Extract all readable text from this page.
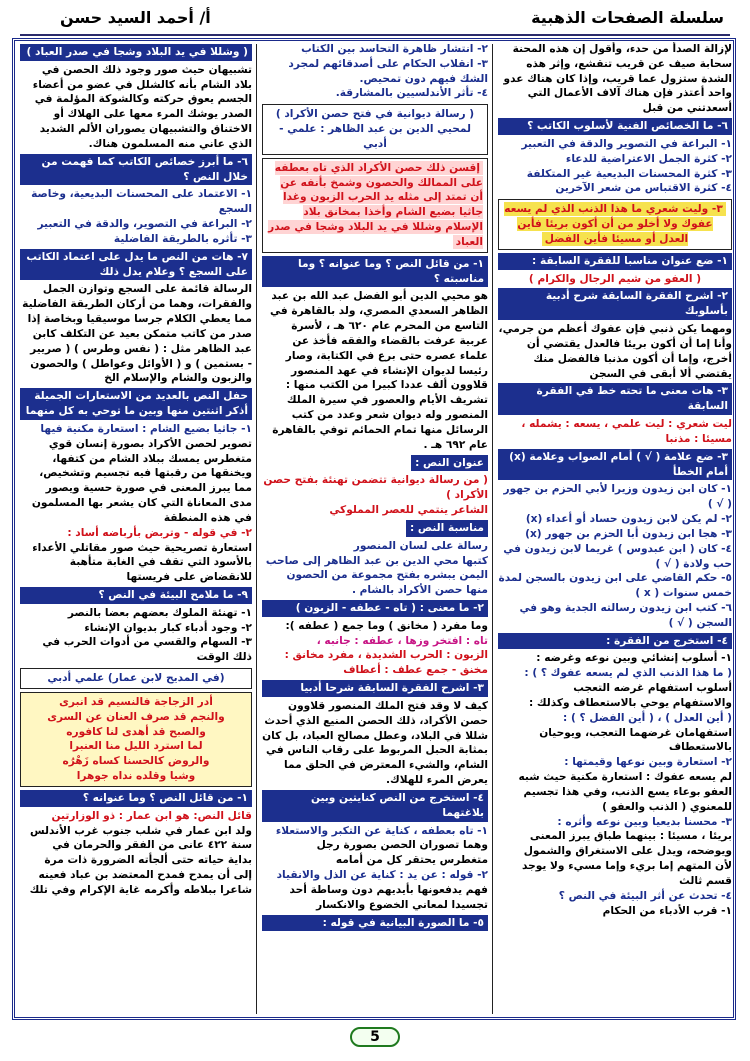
سلسلة الصفحات الذهبية
أ/ أحمد السيد حسن
لإزالة الصدأ من حدء، وأقول إن هذه المحنة
سحابة صيف عن قريب تنقشع، وإثر هذه
الشدة ستزول عما قريب، وإذا كان هناك عدو
واحد أعتذر فإن هناك آلاف الأعمال التي
أسعدتني من قبل
٦- ما الخصائص الفنية لأسلوب الكاتب ؟
١- البراعة في التصوير والدقة في التعبير
٢- كثرة الجمل الاعتراضية للدعاء
٣- كثرة المحسنات البديعية غير المتكلفة
٤- كثرة الاقتباس من شعر الآخرين
٣- وليت شعري ما هذا الذنب الذي لم يسعه عفوك ولا أخلو من أن أكون بريئا فأين العدل أو مسيئا فأين الفضل
١- ضع عنوان مناسبا للفقرة السابقة :
( العفو من شيم الرجال والكرام )
٢- اشرح الفقرة السابقة شرح أدبية بأسلوبك
ومهما يكن ذنبي فإن عفوك أعظم من جرمي،
وأنا إما أن أكون بريئا فالعدل يقتضي أن
أخرج، وإما أن أكون مذنبا فالفضل منك
يقتضي ألا أبقى في السجن
٣- هات معنى ما تحته خط في الفقرة السابقة
ليت شعري : ليت علمي ، يسعه : يشمله ، مسيئا : مذنبا
٣- ضع علامة ( √ ) أمام الصواب وعلامة (x) أمام الخطأ
١- كان ابن زيدون وزيرا لأبي الحزم بن جهور ( √ )
٢- لم يكن لابن زيدون حساد أو أعداء (x)
٣- هجا ابن زيدون أبا الحزم بن جهور (x)
٤- كان ( ابن عبدوس ) غريما لابن زيدون في حب ولادة ( √ )
٥- حكم القاضي على ابن زيدون بالسجن لمدة خمس سنوات ( x )
٦- كتب ابن زيدون رسالته الجدية وهو في السجن ( √ )
٤- استخرج من الفقرة :
١- أسلوب إنشائي وبين نوعه وغرضه :
( ما هذا الذنب الذي لم يسعه عفوك ؟ ) :
أسلوب استفهام غرضه التعجب
والاستفهام يوحي بالاستعطاف وكذلك :
( أين العدل ) ، ( أين الفضل ؟ ) :
استفهامان غرضهما التعجب، ويوحيان بالاستعطاف
٢- استعارة وبين نوعها وقيمتها :
لم يسعه عفوك : استعارة مكنية حيث شبه
العفو بوعاء يسع الذنب، وفي هذا تجسيم
للمعنوي ( الذنب والعفو )
٣- محسنا بديعيا وبين نوعه وأثره :
بريئا ، مسيئا : بينهما طباق يبرز المعنى
ويوضحه، ويدل على الاستغراق والشمول
لأن المتهم إما بريء وإما مسيء ولا يوجد
قسم ثالث
٤- تحدث عن أثر البيئة في النص ؟
١- قرب الأدباء من الحكام
٢- انتشار ظاهرة التحاسد بين الكتاب
٣- انقلاب الحكام على أصدقائهم لمجرد الشك فيهم دون تمحيص.
٤- تأثر الأندلسيين بالمشارقة.
( رسالة ديوانية في فتح حصن الأكراد ) لمحيي الدين بن عبد الظاهر : علمي - أدبي
إقسن ذلك حصن الأكراد الذي تاه بعطفه على الممالك والحصون وشمخ بأنفه عن أن تمتد إلى مثله يد الحرب الزبون وغدا جاثيا بضيع الشام وأخذا بمخانق بلاد الإسلام وشللا في يد البلاد وشجا في صدر العباد
١- من قائل النص ؟ وما عنوانه ؟ وما مناسبته ؟
هو محيي الدين أبو الفضل عبد الله بن عبد
الظاهر السعدي المصري، ولد بالقاهرة في
التاسع من المحرم عام ٦٢٠ هـ ، لأسرة
عربية عرفت بالقضاء والفقه فأخذ عن
علماء عصره حتى برع في الكتابة، وصار
رئيسا لديوان الإنشاء في عهد المنصور
قلاوون ألف عددا كبيرا من الكتب منها :
تشريف الأيام والعصور في سيرة الملك
المنصور وله ديوان شعر وعدد من كتب
الرسائل منها تمام الحمائم توفي بالقاهرة
عام ٦٩٢ هـ .
عنوان النص :
( من رسالة ديوانية تتضمن تهنئة بفتح حصن الأكراد )
الشاعر ينتمي للعصر المملوكي
مناسبة النص :
رسالة على لسان المنصور
كتبها محي الدين بن عبد الظاهر إلى صاحب
اليمن يبشره بفتح مجموعة من الحصون
منها حصن الأكراد بالشام .
٢- ما معنى : ( تاه - عطفه - الزبون )
وما مفرد ( مخانق ) وما جمع ( عطفه ):
تاه : افتخر وزها ، عطفه : جانبه ،
الزبون : الحرب الشديدة ، مفرد مخانق : مخنق - جمع عطف : أعطاف
٣- اشرح الفقرة السابقة شرحا أدبيا
كيف لا وقد فتح الملك المنصور قلاوون
حصن الأكراد، ذلك الحصن المنيع الذي أحدث
شللا في البلاد، وعطل مصالح العباد، بل كان
بمثابة الحبل المربوط على رقاب الناس في
الشام، والشيء المعترض في الحلق مما
يعرض المرء للهلاك.
٤- استخرج من النص كنايتين وبين بلاغتهما
١- تاه بعطفه ، كناية عن التكبر والاستعلاء
وهما تصوران الحصن بصورة رجل
متغطرس يحتقر كل من أمامه
٢- قوله : عن يد : كناية عن الذل والانقياد
فهم يدفعونها بأيديهم دون وساطة أحد
تجسيدا لمعاني الخضوع والانكسار
٥- ما الصورة البيانية في قوله :
( وشللا في يد البلاد وشجا في صدر العباد )
تشبيهان حيث صور وجود ذلك الحصن في
بلاد الشام بأنه كالشلل في عضو من أعضاء
الجسم يعوق حركته وكالشوكة المؤلمة في
الصدر يوشك المرء معها على الهلاك أو
الاختناق والتشبيهان يصوران الألم الشديد
الذي عاني منه المسلمون هناك.
٦- ما أبرز خصائص الكاتب كما فهمت من خلال النص ؟
١- الاعتماد على المحسنات البديعية، وخاصة السجع
٢- البراعة في التصوير، والدقة في التعبير
٣- تأثره بالطريقة الفاضلية
٧- هات من النص ما يدل على اعتماد الكاتب على السجع ؟ وعلام يدل ذلك
الرسالة قائمة على السجع وتوازن الجمل
والفقرات، وهما من أركان الطريقة الفاضلية
مما يعطي الكلام جرسا موسيقيا وبخاصة إذا
صدر من كاتب متمكن بعيد عن التكلف كابن
عبد الظاهر مثل : ( نفس وطرس ) ( صريير
- بستمين ) و ( الأوائل وعواطل ) والحصون
والزبون والشام والإسلام الخ
حفل النص بالعديد من الاستعارات الجميلة أذكر اثنتين منها وبين ما توحي به كل منهما
١- جاثيا بضيع الشام : استعارة مكنية فيها
تصوير لحصن الأكراد بصورة إنسان قوي
متغطرس يمسك ببلاد الشام من كتفها،
ويخنقها من رقبتها فيه تجسيم وتشخيص،
مما يبرز المعنى في صورة حسية ويصور
مدى المعاناة التي كان يشعر بها المسلمون
في هذه المنطقة
٢- في قوله - وتربض بأرباضه أساد :
استعارة تصريحية حيث صور مقاتلي الأعداء
بالأسود التي تقف في الغابة متأهبة
للانقضاض على فريستها
٩- ما ملامح البيئة في النص ؟
١- تهنئة الملوك بعضهم بعضا بالنصر
٢- وجود أدباء كبار بديوان الإنشاء
٣- السهام والقسي من أدوات الحرب في ذلك الوقت
(في المديح لابن عمار) علمي أدبي
أدر الزجاجة فالنسيم قد انبرى
والنجم قد صرف العنان عن السرى
والصبح قد أهدى لنا كافوره
لما استرد الليل منا العنبرا
والروض كالحسنا كساه زَهْرُه
وشيا وقلده نداه جوهرا
١- من قائل النص ؟ وما عنوانه ؟
قائل النص: هو ابن عمار : ذو الوزارتين
ولد ابن عمار في شلب جنوب غرب الأندلس
سنة ٤٢٢ عانى من الفقر والحرمان في
بداية حياته حتى ألجأته الضرورة ذات مرة
إلى أن يمدح فمدح المعتضد بن عباد فعينه
شاعرا ببلاطه وأكرمه غاية الإكرام وفي تلك
5
